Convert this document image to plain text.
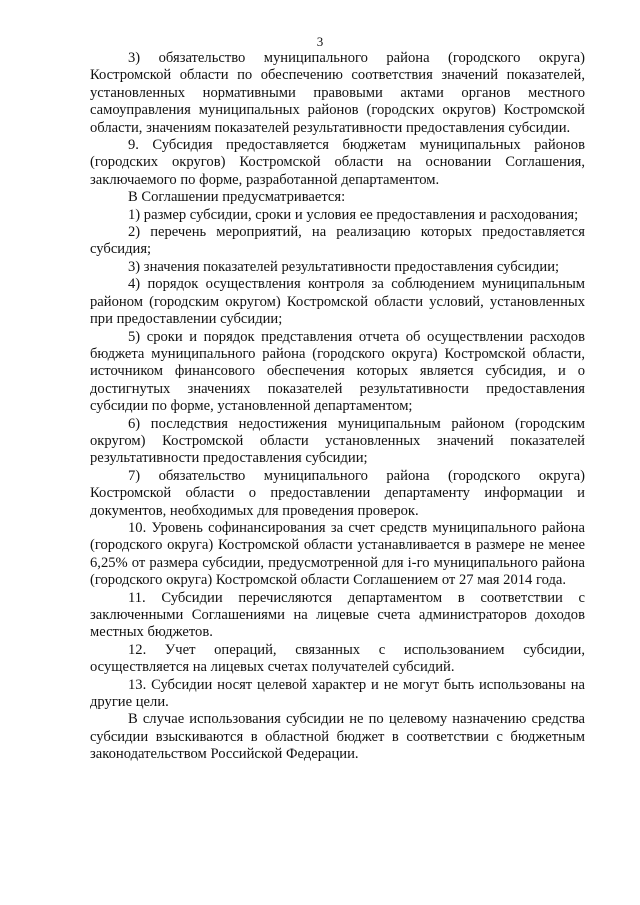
3

3) обязательство муниципального района (городского округа) Костромской области по обеспечению соответствия значений показателей, установленных нормативными правовыми актами органов местного самоуправления муниципальных районов (городских округов) Костромской области, значениям показателей результативности предоставления субсидии.

9. Субсидия предоставляется бюджетам муниципальных районов (городских округов) Костромской области на основании Соглашения, заключаемого по форме, разработанной департаментом.

В Соглашении предусматривается:

1) размер субсидии, сроки и условия ее предоставления и расходования;

2) перечень мероприятий, на реализацию которых предоставляется субсидия;

3) значения показателей результативности предоставления субсидии;

4) порядок осуществления контроля за соблюдением муниципальным районом (городским округом) Костромской области условий, установленных при предоставлении субсидии;

5) сроки и порядок представления отчета об осуществлении расходов бюджета муниципального района (городского округа) Костромской области, источником финансового обеспечения которых является субсидия, и о достигнутых значениях показателей результативности предоставления субсидии по форме, установленной департаментом;

6) последствия недостижения муниципальным районом (городским округом) Костромской области установленных значений показателей результативности предоставления субсидии;

7) обязательство муниципального района (городского округа) Костромской области о предоставлении департаменту информации и документов, необходимых для проведения проверок.

10. Уровень софинансирования за счет средств муниципального района (городского округа) Костромской области устанавливается в размере не менее 6,25% от размера субсидии, предусмотренной для i-го муниципального района (городского округа) Костромской области Соглашением от 27 мая 2014 года.

11. Субсидии перечисляются департаментом в соответствии с заключенными Соглашениями на лицевые счета администраторов доходов местных бюджетов.

12. Учет операций, связанных с использованием субсидии, осуществляется на лицевых счетах получателей субсидий.

13. Субсидии носят целевой характер и не могут быть использованы на другие цели.

В случае использования субсидии не по целевому назначению средства субсидии взыскиваются в областной бюджет в соответствии с бюджетным законодательством Российской Федерации.
